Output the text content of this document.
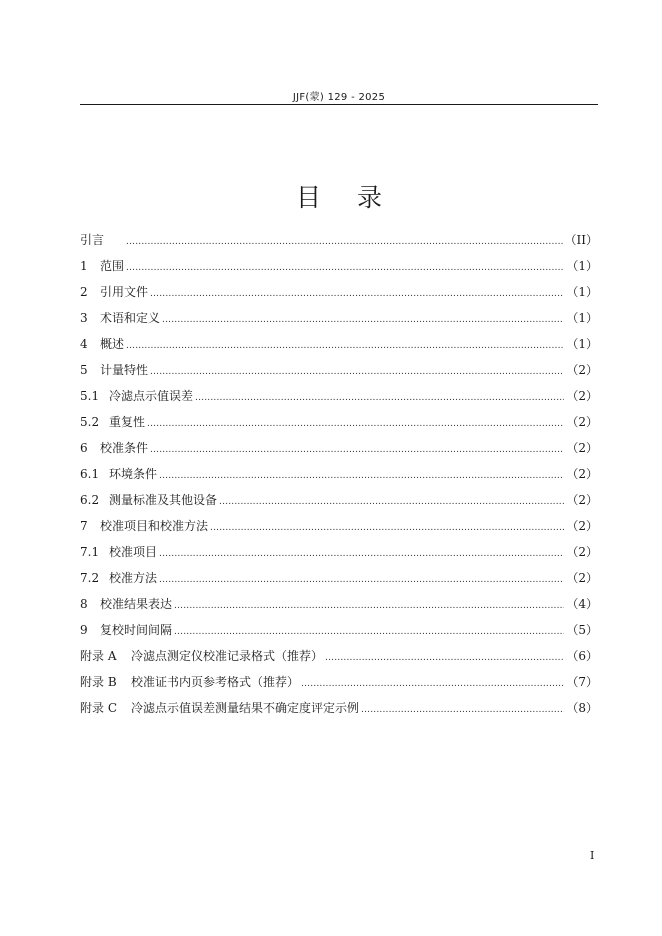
JJF(蒙) 129 - 2025
目 录
引言 .....	（II）
1	范围 .....	（1）
2	引用文件 .....	（1）
3	术语和定义 .....	（1）
4	概述 .....	（1）
5	计量特性 .....	（2）
5.1 冷滤点示值误差 .....	（2）
5.2 重复性 .....	（2）
6	校准条件 .....	（2）
6.1 环境条件 .....	（2）
6.2 测量标准及其他设备 .....	（2）
7	校准项目和校准方法 .....	（2）
7.1 校准项目 .....	（2）
7.2 校准方法 .....	（2）
8	校准结果表达 .....	（4）
9	复校时间间隔 .....	（5）
附录 A	冷滤点测定仪校准记录格式（推荐） .....	（6）
附录 B	校准证书内页参考格式（推荐） .....	（7）
附录 C	冷滤点示值误差测量结果不确定度评定示例 .....	（8）
I
